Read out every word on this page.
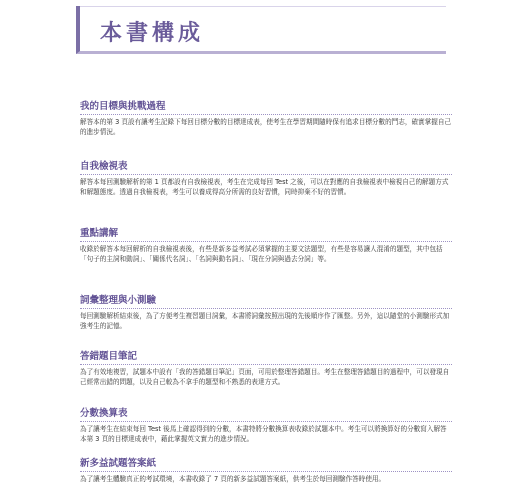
本書構成
我的目標與挑戰過程

解答本的第 3 頁設有讓考生記錄下每回目標分數的目標達成表，使考生在學習期間隨時保有追求目標分數的鬥志，確實掌握自己的進步情況。

自我檢視表

解答本每回測驗解析的第 1 頁都設有自我檢視表，考生在完成每回 Test 之後，可以在對應的自我檢視表中檢視自己的解題方式和解題態度。透過自我檢視表，考生可以養成得高分所需的良好習慣，同時抑棄不好的習慣。

重點講解

收錄於解答本每回解析的自我檢視表後，有些是新多益考試必須掌握的主要文法題型，有些是容易讓人混淆的題型，其中包括「句子的主詞和動詞」、「關係代名詞」、「名詞與動名詞」、「現在分詞與過去分詞」等。

詞彙整理與小測驗

每回測驗解析結束後，為了方便考生複習題目詞彙，本書將詞彙按照出現的先後順序作了匯整。另外，這以隨堂的小測驗形式加強考生的記憶。

答錯題目筆記

為了有效地複習，試題本中設有「我的答錯題目筆記」頁面，可用於整理答錯題目。考生在整理答錯題目的過程中，可以發現自己經常出錯的問題，以及自己較為不拿手的題型和不熟悉的表達方式。

分數換算表

為了讓考生在結束每回 Test 後馬上確認得到的分數，本書特將分數換算表收錄於試題本中。考生可以將換算好的分數寫入解答本第 3 頁的目標達成表中，藉此掌握英文實力的進步情況。

新多益試題答案紙

為了讓考生體驗真正的考試環境，本書收錄了 7 頁的新多益試題答案紙，供考生於每回測驗作答時使用。
